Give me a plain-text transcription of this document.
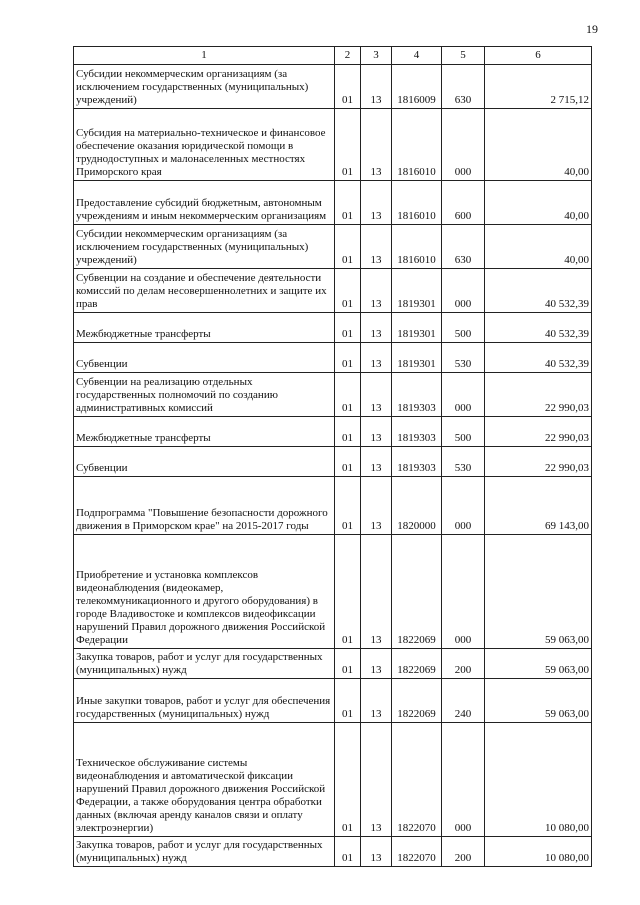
19
1	2	3	4	5	6
Субсидии некоммерческим организациям (за исключением государственных (муниципальных) учреждений)	01	13	1816009	630	2 715,12
Субсидия на материально-техническое и финансовое обеспечение оказания юридической помощи в труднодоступных и малонаселенных местностях Приморского края	01	13	1816010	000	40,00
Предоставление субсидий бюджетным, автономным учреждениям и иным некоммерческим организациям	01	13	1816010	600	40,00
Субсидии некоммерческим организациям (за исключением государственных (муниципальных) учреждений)	01	13	1816010	630	40,00
Субвенции на создание и обеспечение деятельности комиссий по делам несовершеннолетних и защите их прав	01	13	1819301	000	40 532,39
Межбюджетные трансферты	01	13	1819301	500	40 532,39
Субвенции	01	13	1819301	530	40 532,39
Субвенции на реализацию отдельных государственных полномочий по созданию административных комиссий	01	13	1819303	000	22 990,03
Межбюджетные трансферты	01	13	1819303	500	22 990,03
Субвенции	01	13	1819303	530	22 990,03
Подпрограмма "Повышение безопасности дорожного движения в Приморском крае" на 2015-2017 годы	01	13	1820000	000	69 143,00
Приобретение и установка комплексов видеонаблюдения (видеокамер, телекоммуникационного и другого оборудования) в городе Владивостоке и комплексов видеофиксации нарушений Правил дорожного движения Российской Федерации	01	13	1822069	000	59 063,00
Закупка товаров, работ и услуг для государственных (муниципальных) нужд	01	13	1822069	200	59 063,00
Иные закупки товаров, работ и услуг для обеспечения государственных (муниципальных) нужд	01	13	1822069	240	59 063,00
Техническое обслуживание системы видеонаблюдения и автоматической фиксации нарушений Правил дорожного движения Российской Федерации, а также оборудования центра обработки данных (включая аренду каналов связи и оплату электроэнергии)	01	13	1822070	000	10 080,00
Закупка товаров, работ и услуг для государственных (муниципальных) нужд	01	13	1822070	200	10 080,00
